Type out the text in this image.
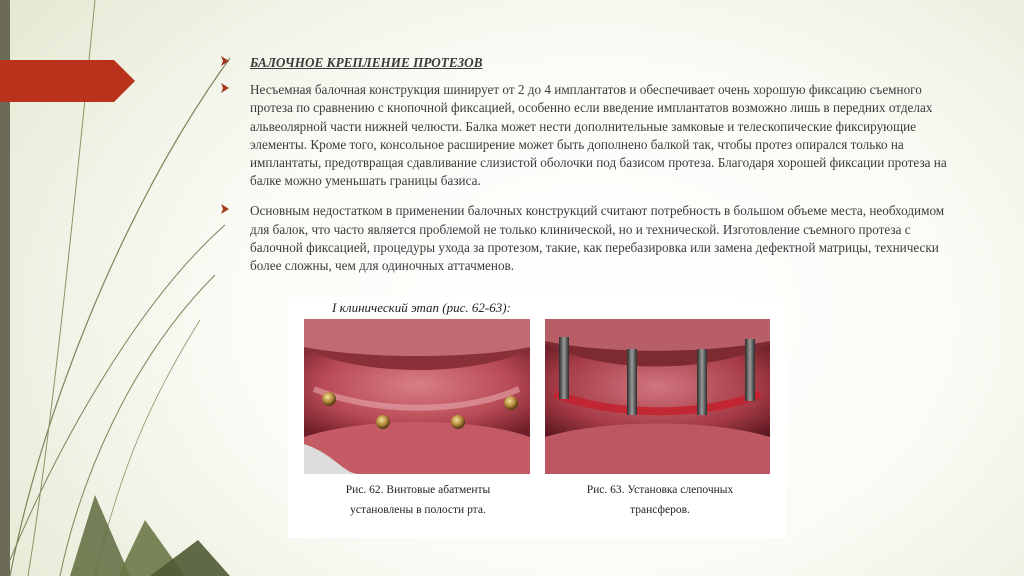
БАЛОЧНОЕ КРЕПЛЕНИЕ ПРОТЕЗОВ
Несъемная балочная конструкция шинирует от 2 до 4 имплантатов и обеспечивает очень хорошую фиксацию съемного протеза по сравнению с кнопочной фиксацией, особенно если введение имплантатов возможно лишь в передних отделах альвеолярной части нижней челюсти. Балка может нести дополнительные замковые и телескопические фиксирующие элементы. Кроме того, консольное расширение может быть дополнено балкой так, чтобы протез опирался только на имплантаты, предотвращая сдавливание слизистой оболочки под базисом протеза. Благодаря хорошей фиксации протеза на балке можно уменьшать границы базиса.
Основным недостатком в применении балочных конструкций считают потребность в большом объеме места, необходимом для балок, что часто является проблемой не только клинической, но и технической. Изготовление съемного протеза с балочной фиксацией, процедуры ухода за протезом, такие, как перебазировка или замена дефектной матрицы, технически более сложны, чем для одиночных аттачменов.
I клинический этап (рис. 62-63):
Рис. 62. Винтовые абатменты
установлены в полости рта.
Рис. 63. Установка слепочных
трансферов.
